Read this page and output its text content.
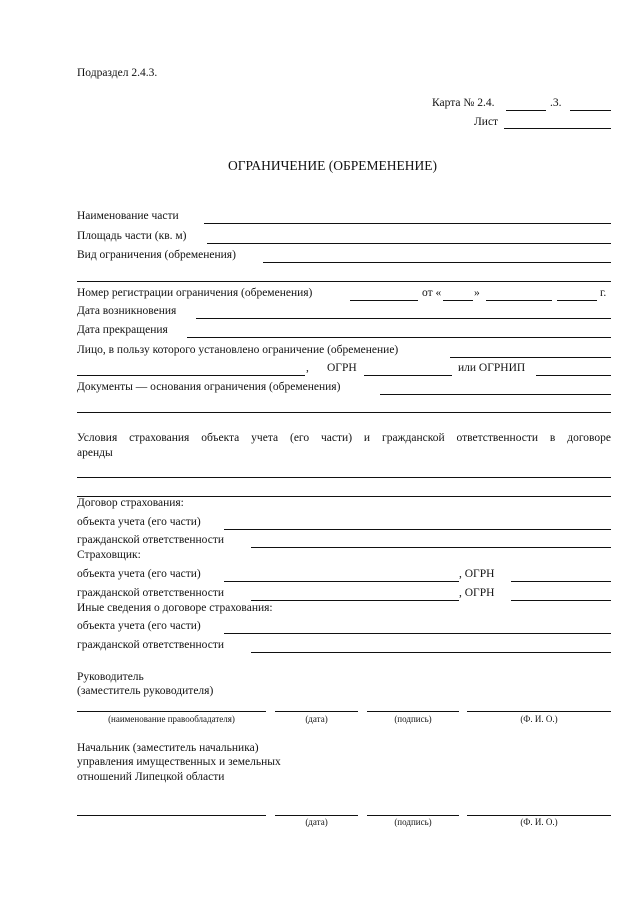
Подраздел 2.4.3.
Карта № 2.4.	.3.
Лист
ОГРАНИЧЕНИЕ (ОБРЕМЕНЕНИЕ)
Наименование части
Площадь части (кв. м)
Вид ограничения (обременения)
Номер регистрации ограничения (обременения)	от «	»	г.
Дата возникновения
Дата прекращения
Лицо, в пользу которого установлено ограничение (обременение)
, ОГРН	или ОГРНИП
Документы — основания ограничения (обременения)
Условия страхования объекта учета (его части) и гражданской ответственности в договоре
аренды
Договор страхования:
объекта учета (его части)
гражданской ответственности
Страховщик:
объекта учета (его части)	, ОГРН
гражданской ответственности	, ОГРН
Иные сведения о договоре страхования:
объекта учета (его части)
гражданской ответственности
Руководитель
(заместитель руководителя)
(наименование правообладателя)	(дата)	(подпись)	(Ф. И. О.)
Начальник (заместитель начальника)
управления имущественных и земельных
отношений Липецкой области
(дата)	(подпись)	(Ф. И. О.)
